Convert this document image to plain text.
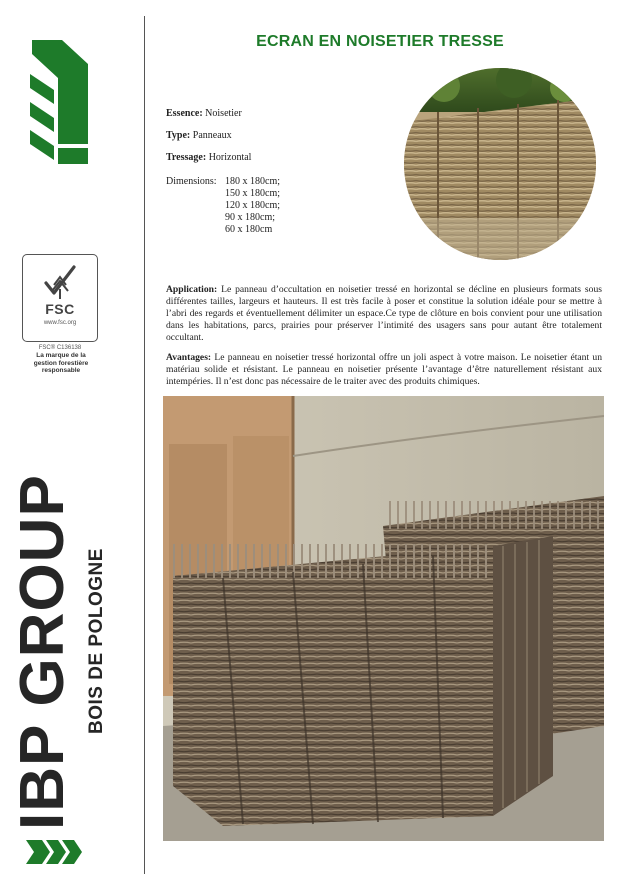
FSC
www.fsc.org
FSC® C136138
La marque de la gestion forestière responsable
IBP GROUP BOIS DE POLOGNE
ECRAN EN NOISETIER TRESSE
Essence: Noisetier
Type: Panneaux
Tressage: Horizontal
Dimensions: 180 x 180cm;
150 x 180cm;
120 x 180cm;
90 x 180cm;
60 x 180cm
Application: Le panneau d’occultation en noisetier tressé en horizontal se décline en plusieurs formats sous différentes tailles, largeurs et hauteurs. Il est très facile à poser et constitue la solution idéale pour se mettre à l’abri des regards et éventuellement délimiter un espace.Ce type de clôture en bois convient pour une utilisation dans les habitations, parcs, prairies pour préserver l’intimité des usagers sans pour autant être totalement occultant.
Avantages: Le panneau en noisetier tressé horizontal offre un joli aspect à votre maison. Le noisetier étant un matériau solide et résistant. Le panneau en noisetier présente l’avantage d’être naturellement résistant aux intempéries. Il n’est donc pas nécessaire de le traiter avec des produits chimiques.
